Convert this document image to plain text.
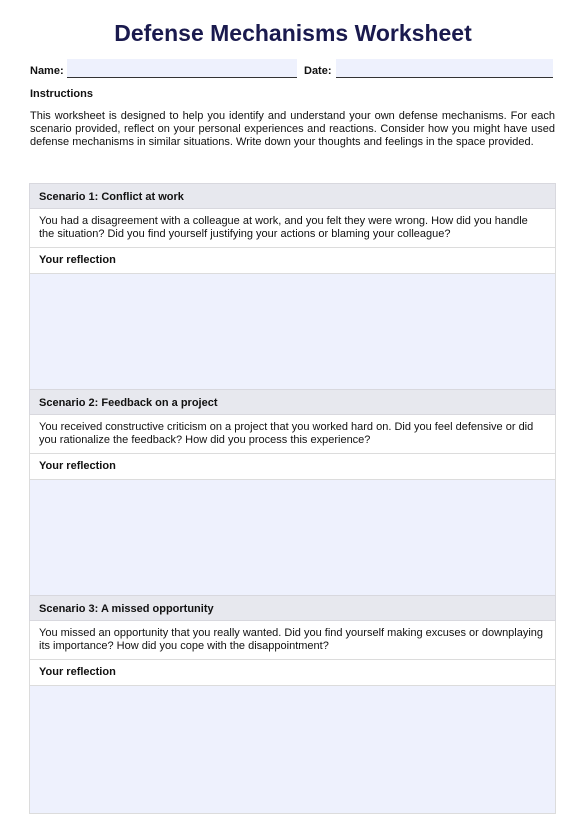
Defense Mechanisms Worksheet
Name:	Date:
Instructions
This worksheet is designed to help you identify and understand your own defense mechanisms. For each scenario provided, reflect on your personal experiences and reactions. Consider how you might have used defense mechanisms in similar situations. Write down your thoughts and feelings in the space provided.
Scenario 1: Conflict at work
You had a disagreement with a colleague at work, and you felt they were wrong. How did you handle the situation? Did you find yourself justifying your actions or blaming your colleague?
Your reflection
Scenario 2: Feedback on a project
You received constructive criticism on a project that you worked hard on. Did you feel defensive or did you rationalize the feedback? How did you process this experience?
Your reflection
Scenario 3: A missed opportunity
You missed an opportunity that you really wanted. Did you find yourself making excuses or downplaying its importance? How did you cope with the disappointment?
Your reflection
